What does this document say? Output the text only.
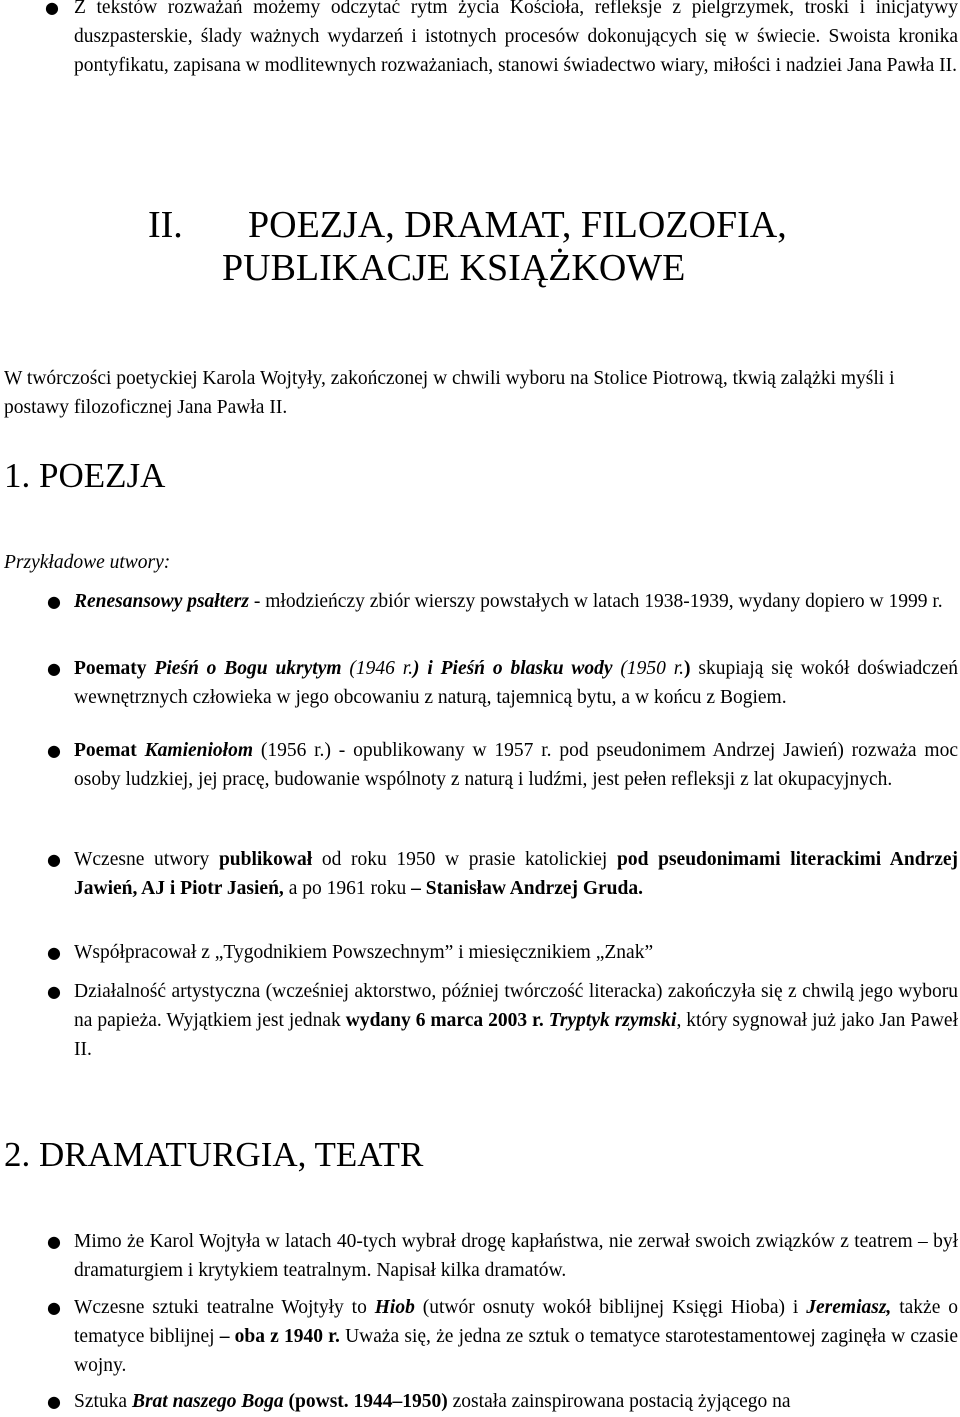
● Z tekstów rozważań możemy odczytać rytm życia Kościoła, refleksje z pielgrzymek, troski i inicjatywy duszpasterskie, ślady ważnych wydarzeń i istotnych procesów dokonujących się w świecie. Swoista kronika pontyfikatu, zapisana w modlitewnych rozważaniach, stanowi świadectwo wiary, miłości i nadziei Jana Pawła II.

II. POEZJA, DRAMAT, FILOZOFIA,
PUBLIKACJE KSIĄŻKOWE

W twórczości poetyckiej Karola Wojtyły, zakończonej w chwili wyboru na Stolice Piotrową, tkwią zalążki myśli i postawy filozoficznej Jana Pawła II.

1. POEZJA

Przykładowe utwory:

● Renesansowy psałterz - młodzieńczy zbiór wierszy powstałych w latach 1938-1939, wydany dopiero w 1999 r.

● Poematy Pieśń o Bogu ukrytym (1946 r.) i Pieśń o blasku wody (1950 r.) skupiają się wokół doświadczeń wewnętrznych człowieka w jego obcowaniu z naturą, tajemnicą bytu, a w końcu z Bogiem.

● Poemat Kamieniołom (1956 r.) - opublikowany w 1957 r. pod pseudonimem Andrzej Jawień) rozważa moc osoby ludzkiej, jej pracę, budowanie wspólnoty z naturą i ludźmi, jest pełen refleksji z lat okupacyjnych.

● Wczesne utwory publikował od roku 1950 w prasie katolickiej pod pseudonimami literackimi Andrzej Jawień, AJ i Piotr Jasień, a po 1961 roku – Stanisław Andrzej Gruda.

● Współpracował z „Tygodnikiem Powszechnym” i miesięcznikiem „Znak”

● Działalność artystyczna (wcześniej aktorstwo, później twórczość literacka) zakończyła się z chwilą jego wyboru na papieża. Wyjątkiem jest jednak wydany 6 marca 2003 r. Tryptyk rzymski, który sygnował już jako Jan Paweł II.

2. DRAMATURGIA, TEATR

● Mimo że Karol Wojtyła w latach 40-tych wybrał drogę kapłaństwa, nie zerwał swoich związków z teatrem – był dramaturgiem i krytykiem teatralnym. Napisał kilka dramatów.

● Wczesne sztuki teatralne Wojtyły to Hiob (utwór osnuty wokół biblijnej Księgi Hioba) i Jeremiasz, także o tematyce biblijnej – oba z 1940 r. Uważa się, że jedna ze sztuk o tematyce starotestamentowej zaginęła w czasie wojny.

● Sztuka Brat naszego Boga (powst. 1944–1950) została zainspirowana postacią żyjącego na
